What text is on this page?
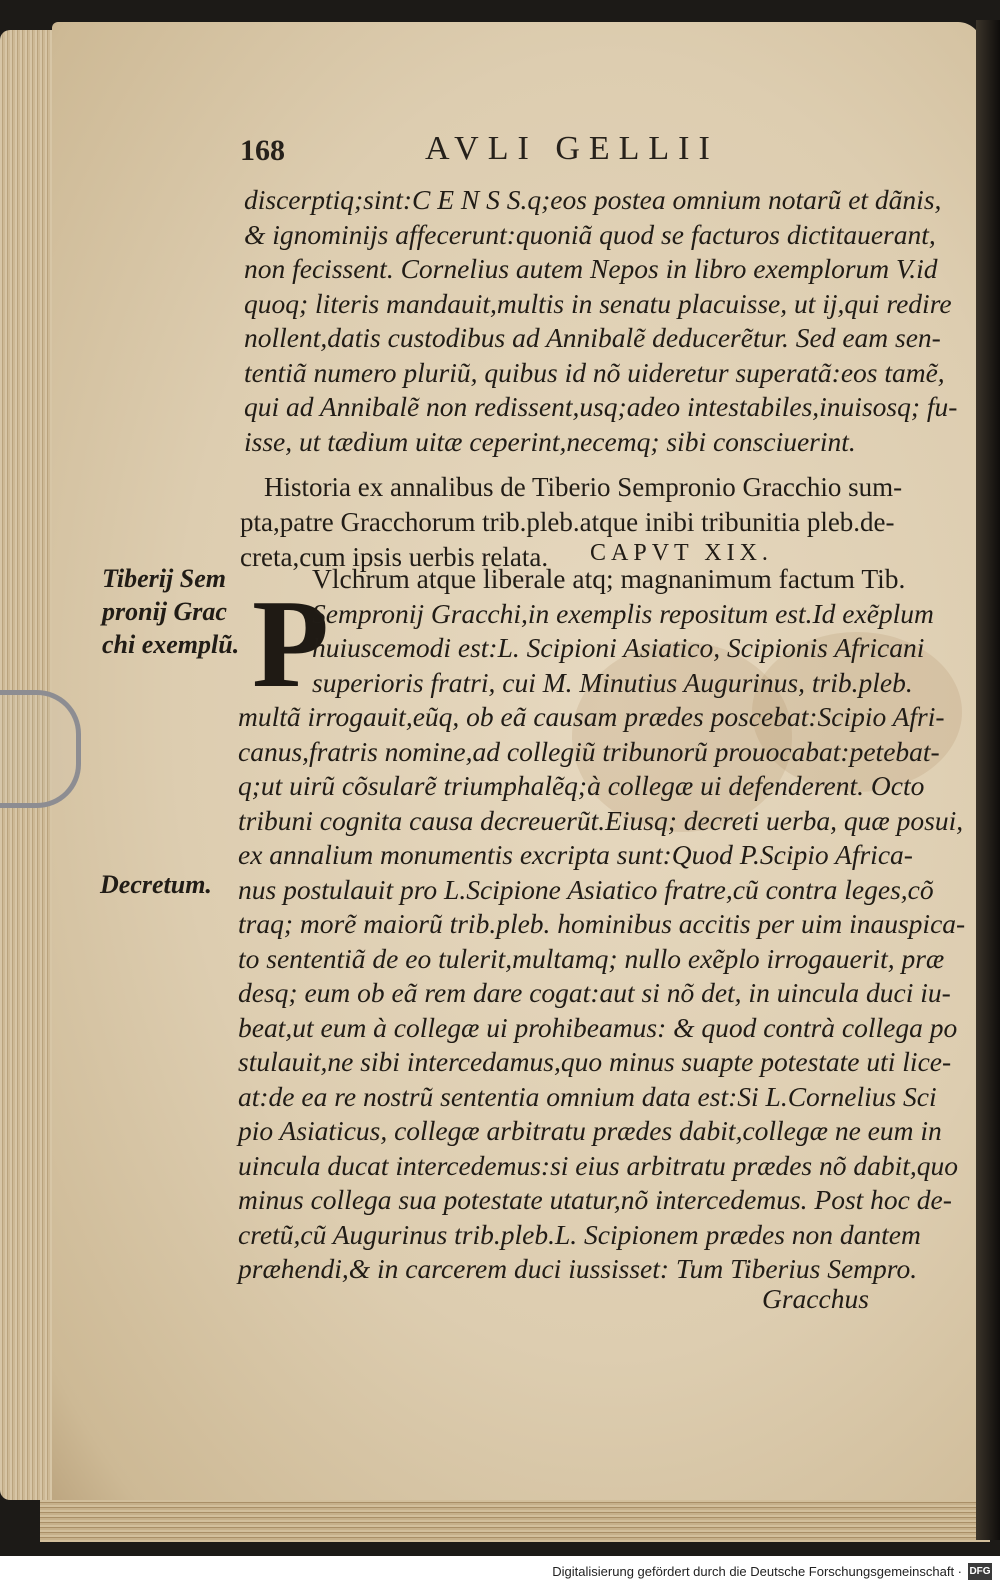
168	AVLI GELLII
discerptiq;sint:C E N S S.q;eos postea omnium notarũ et dãnis,
& ignominijs affecerunt:quoniã quod se facturos dictitauerant,
non fecissent. Cornelius autem Nepos in libro exemplorum V.id
quoq; literis mandauit,multis in senatu placuisse, ut ij,qui redire
nollent,datis custodibus ad Annibalẽ deducerẽtur. Sed eam sen-
tentiã numero pluriũ, quibus id nõ uideretur superatã:eos tamẽ,
qui ad Annibalẽ non redissent,usq;adeo intestabiles,inuisosq; fu-
isse, ut tædium uitæ ceperint,necemq; sibi consciuerint.
Historia ex annalibus de Tiberio Sempronio Gracchio sum-
pta,patre Gracchorum trib.pleb.atque inibi tribunitia pleb.de-
creta,cum ipsis uerbis relata.	CAPVT XIX.
P
Vlchrum atque liberale atq; magnanimum factum Tib.
Sempronij Gracchi,in exemplis repositum est.Id exẽplum
huiuscemodi est:L. Scipioni Asiatico, Scipionis Africani
superioris fratri, cui M. Minutius Augurinus, trib.pleb.
multã irrogauit,eũq, ob eã causam prædes poscebat:Scipio Afri-
canus,fratris nomine,ad collegiũ tribunorũ prouocabat:petebat-
q;ut uirũ cõsularẽ triumphalẽq;à collegæ ui defenderent. Octo
tribuni cognita causa decreuerũt.Eiusq; decreti uerba, quæ posui,
ex annalium monumentis excripta sunt:Quod P.Scipio Africa-
nus postulauit pro L.Scipione Asiatico fratre,cũ contra leges,cõ
traq; morẽ maiorũ trib.pleb. hominibus accitis per uim inauspica-
to sententiã de eo tulerit,multamq; nullo exẽplo irrogauerit, præ
desq; eum ob eã rem dare cogat:aut si nõ det, in uincula duci iu-
beat,ut eum à collegæ ui prohibeamus: & quod contrà collega po
stulauit,ne sibi intercedamus,quo minus suapte potestate uti lice-
at:de ea re nostrũ sententia omnium data est:Si L.Cornelius Sci
pio Asiaticus, collegæ arbitratu prædes dabit,collegæ ne eum in
uincula ducat intercedemus:si eius arbitratu prædes nõ dabit,quo
minus collega sua potestate utatur,nõ intercedemus. Post hoc de-
cretũ,cũ Augurinus trib.pleb.L. Scipionem prædes non dantem
præhendi,& in carcerem duci iussisset: Tum Tiberius Sempro.
Gracchus
Tiberij Sem
pronij Grac
chi exemplũ.
Decretum.
Digitalisierung gefördert durch die Deutsche Forschungsgemeinschaft · DFG
